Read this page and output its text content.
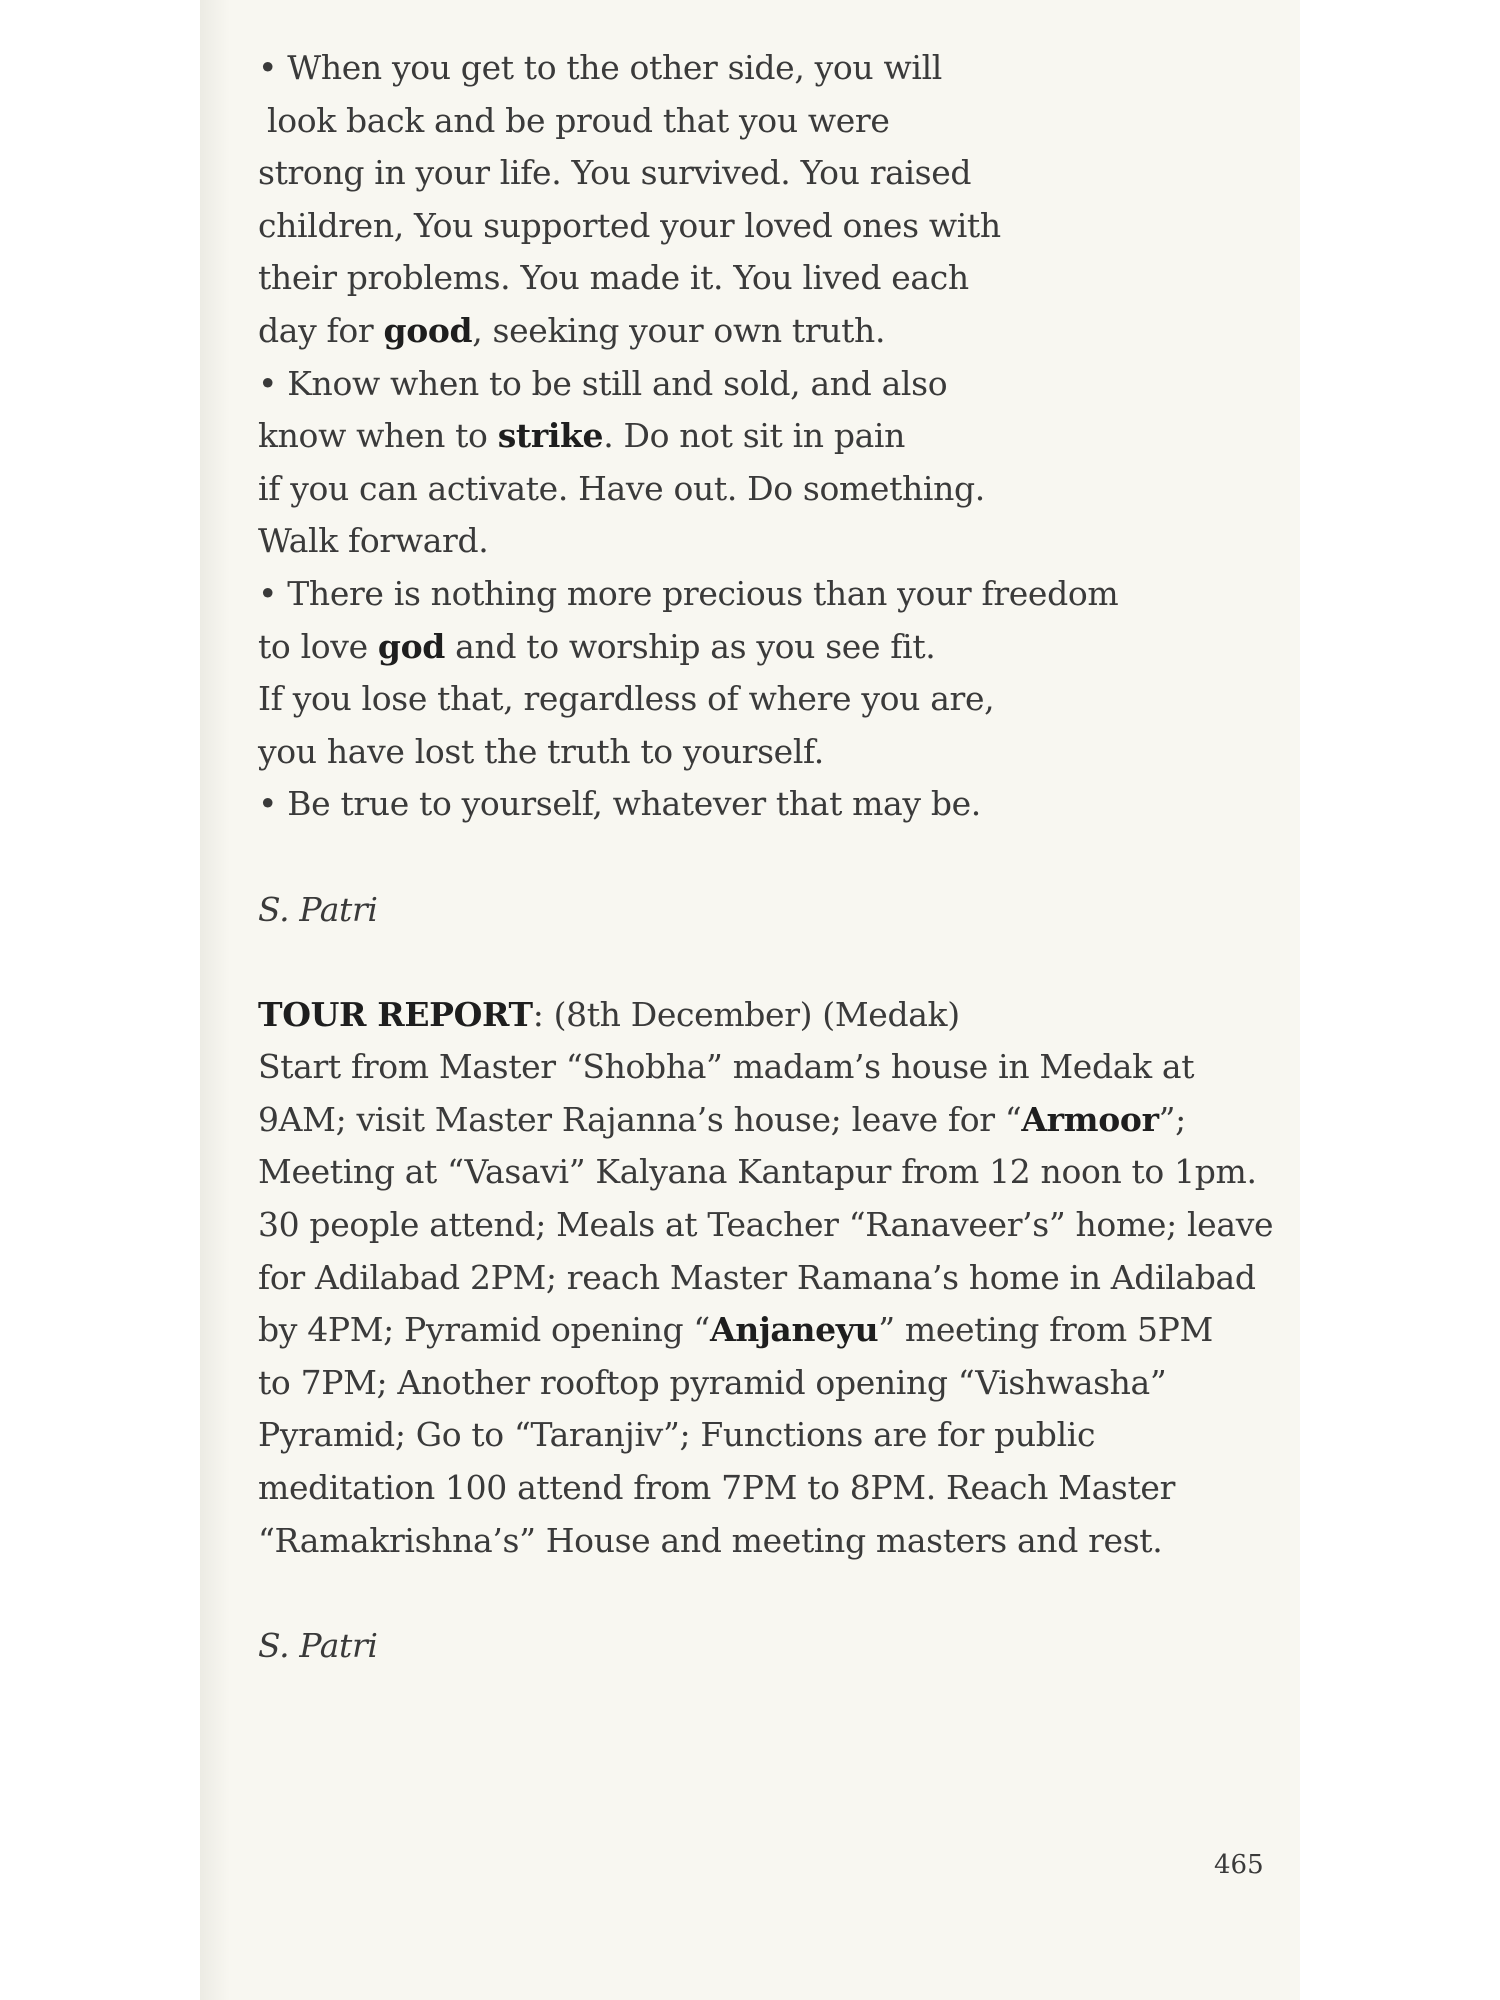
• When you get to the other side, you will
look back and be proud that you were
strong in your life. You survived. You raised
children, You supported your loved ones with
their problems. You made it. You lived each
day for good, seeking your own truth.
• Know when to be still and sold, and also
know when to strike. Do not sit in pain
if you can activate. Have out. Do something.
Walk forward.
• There is nothing more precious than your freedom
to love god and to worship as you see fit.
If you lose that, regardless of where you are,
you have lost the truth to yourself.
• Be true to yourself, whatever that may be.
S. Patri
TOUR REPORT: (8th December) (Medak)
Start from Master “Shobha” madam’s house in Medak at
9AM; visit Master Rajanna’s house; leave for “Armoor”;
Meeting at “Vasavi” Kalyana Kantapur from 12 noon to 1pm.
30 people attend; Meals at Teacher “Ranaveer’s” home; leave
for Adilabad 2PM; reach Master Ramana’s home in Adilabad
by 4PM; Pyramid opening “Anjaneyu” meeting from 5PM
to 7PM; Another rooftop pyramid opening “Vishwasha”
Pyramid; Go to “Taranjiv”; Functions are for public
meditation 100 attend from 7PM to 8PM. Reach Master
“Ramakrishna’s” House and meeting masters and rest.
S. Patri
465
